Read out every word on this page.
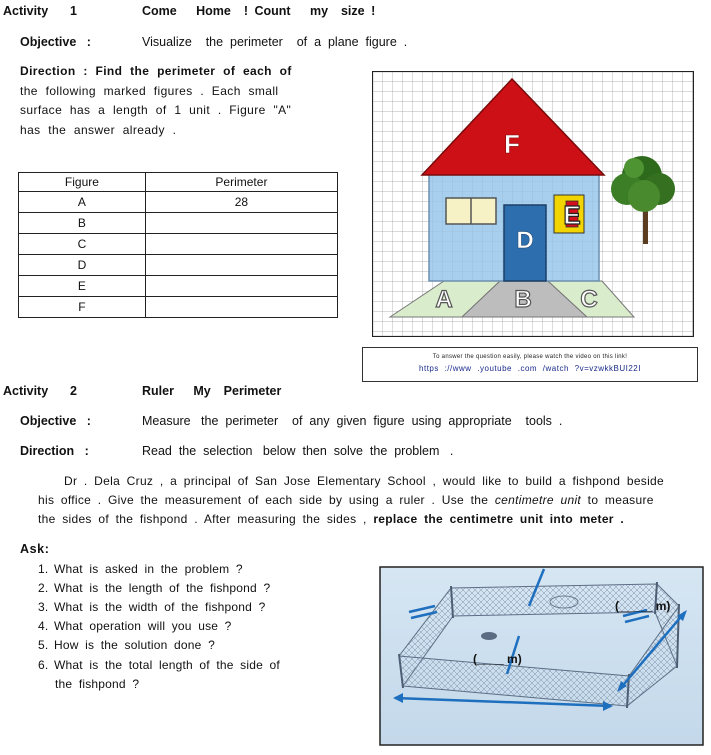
Activity    1	Come   Home  ! Count   my  size !
Objective   :	Visualize    the  perimeter    of  a  plane  figure  .
Direction : Find the perimeter of each of
the following marked figures . Each small
surface has a length of 1 unit . Figure "A"
has the answer already .
Figure	Perimeter
A	28
B	
C	
D	
E	
F	
F
D
E
A	B C
To answer the question easily, please watch the video on this link!
https ://www .youtube .com /watch ?v=vzwkkBUI22I
Activity    2	Ruler   My  Perimeter
Objective   :	Measure   the  perimeter    of  any  given  figure  using  appropriate    tools  .
Direction   :	Read  the  selection   below  then  solve  the  problem   .
Dr . Dela Cruz , a principal of San Jose Elementary School , would like to build a fishpond beside
his office . Give the measurement of each side by using a ruler . Use the centimetre unit to measure
the sides of the fishpond . After measuring the sides , replace the centimetre unit into meter .
Ask:
1. What is asked in the problem ?
2. What is the length of the fishpond ?
3. What is the width of the fishpond ?
4. What operation will you use ?
5. How is the solution done ?
6. What is the total length of the side of
the fishpond ?
(_____ m)
(____ m)
